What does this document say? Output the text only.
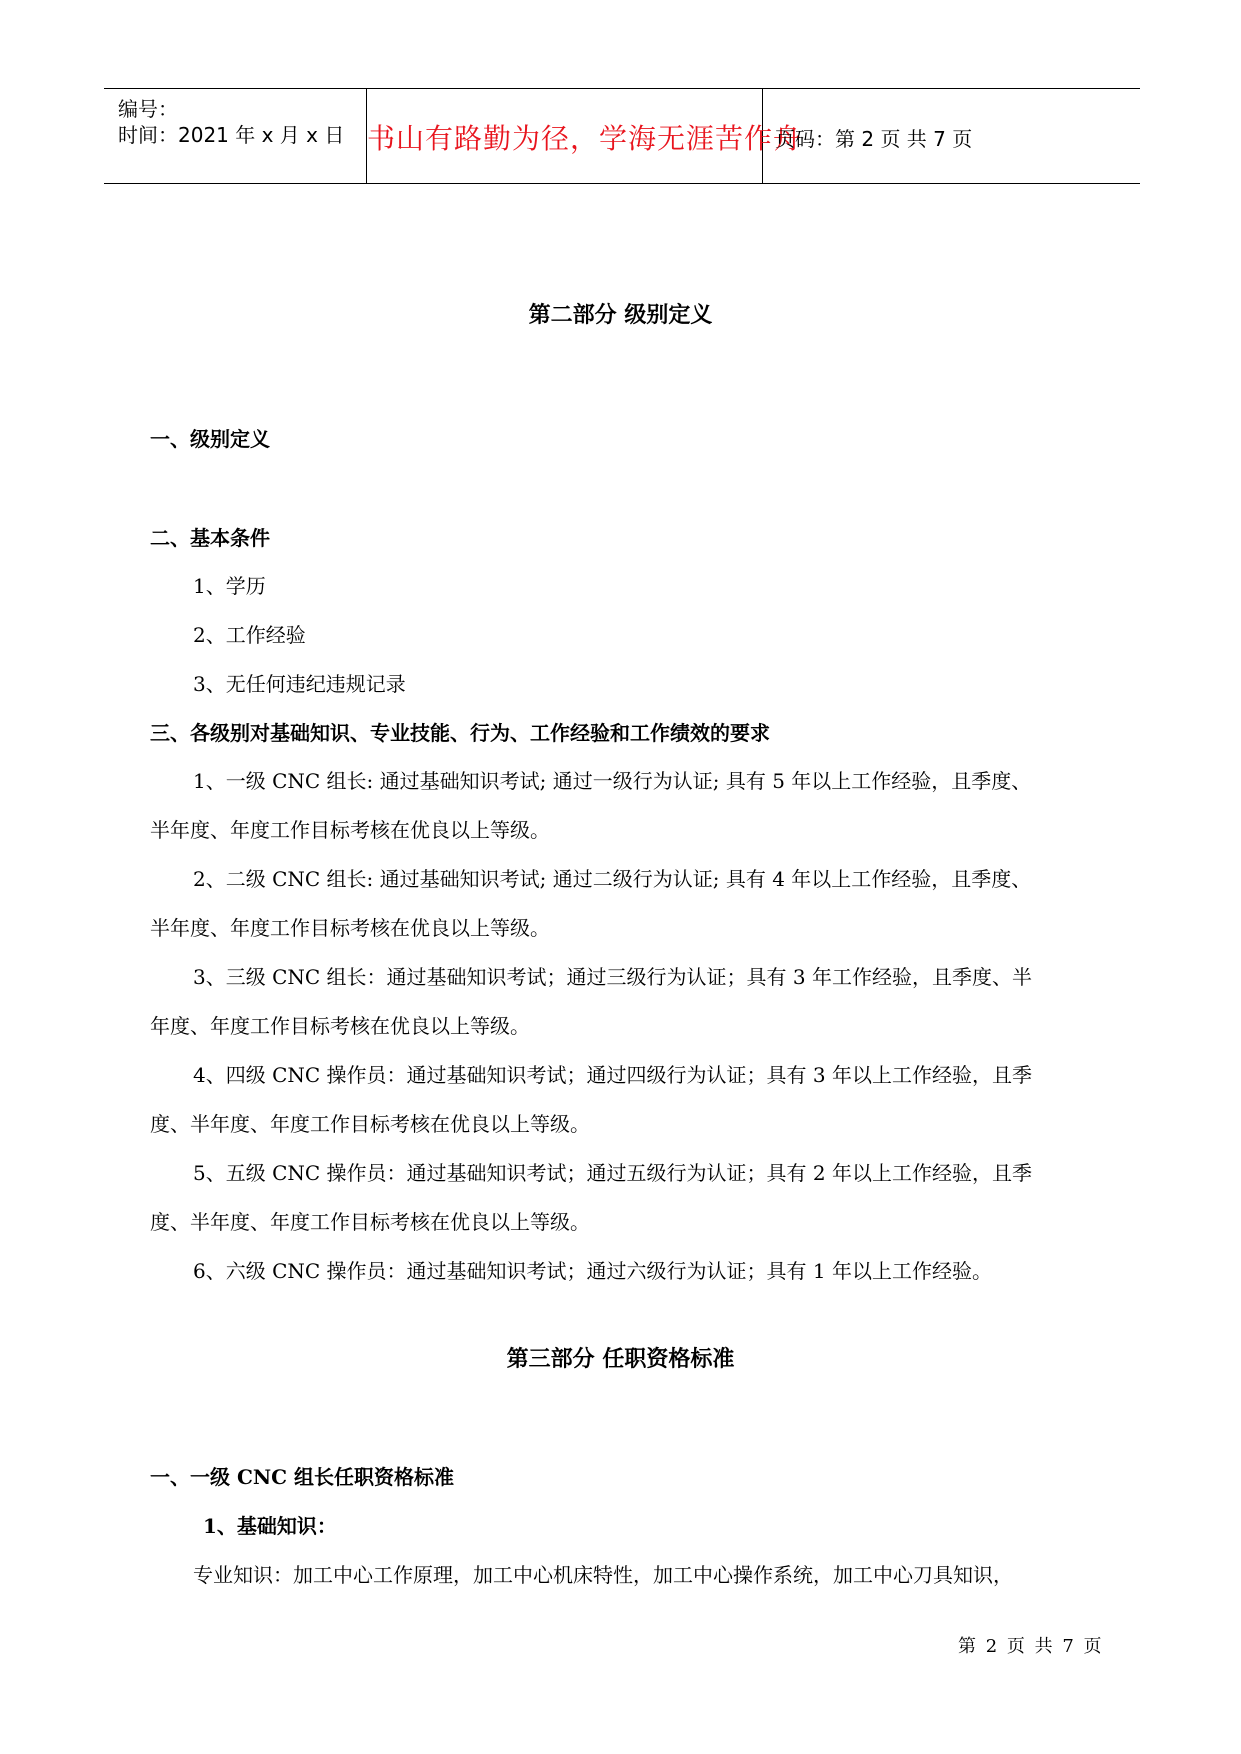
编号：
时间：2021 年 x 月 x 日 书山有路勤为径，学海无涯苦作舟
页码：第 2 页 共 7 页
第二部分 级别定义
一、级别定义
二、基本条件
1、学历
2、工作经验
3、无任何违纪违规记录
三、各级别对基础知识、专业技能、行为、工作经验和工作绩效的要求
1、一级 CNC 组长: 通过基础知识考试; 通过一级行为认证; 具有 5 年以上工作经验，且季度、
半年度、年度工作目标考核在优良以上等级。
2、二级 CNC 组长: 通过基础知识考试; 通过二级行为认证; 具有 4 年以上工作经验，且季度、
半年度、年度工作目标考核在优良以上等级。
3、三级 CNC 组长：通过基础知识考试；通过三级行为认证；具有 3 年工作经验，且季度、半
年度、年度工作目标考核在优良以上等级。
4、四级 CNC 操作员：通过基础知识考试；通过四级行为认证；具有 3 年以上工作经验，且季
度、半年度、年度工作目标考核在优良以上等级。
5、五级 CNC 操作员：通过基础知识考试；通过五级行为认证；具有 2 年以上工作经验，且季
度、半年度、年度工作目标考核在优良以上等级。
6、六级 CNC 操作员：通过基础知识考试；通过六级行为认证；具有 1 年以上工作经验。
第三部分 任职资格标准
一、一级 CNC 组长任职资格标准
1、基础知识：
专业知识：加工中心工作原理，加工中心机床特性，加工中心操作系统，加工中心刀具知识，
第 2 页 共 7 页
